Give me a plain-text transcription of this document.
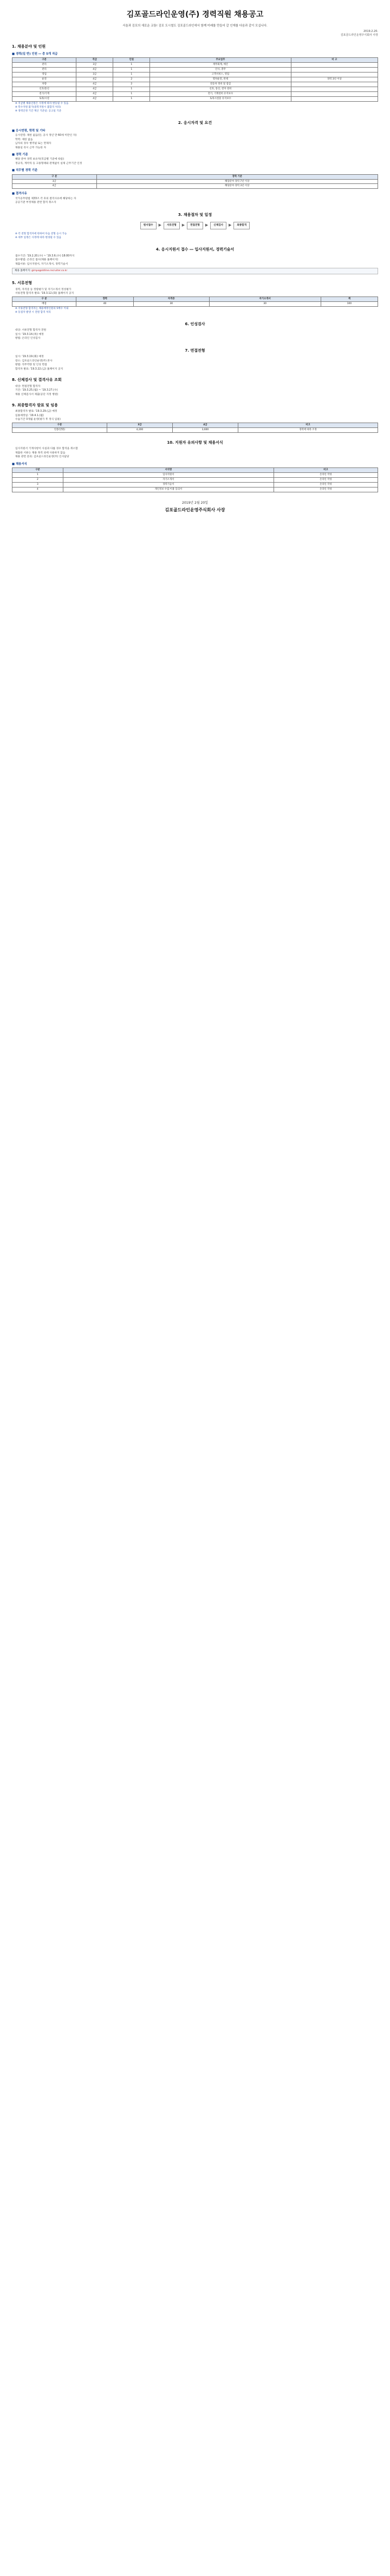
김포골드라인운영(주) 경력직원 채용공고
서울과 김포의 새로운 교통! 김포 도시철도 김포골드라인에서 함께 미래를 만들어 갈 인재를 다음과 같이 모십니다.
2019.2.20.
김포골드라인운영주식회사 사장
1. 채용분야 및 인원
■ 경력(일 반) 인원 ― 총 5개 직급
구분	직급	인원	주요업무	비 고
관리	3급	1	재무회계, 예산	
관리	4급	1	인사, 총무	
영업	3급	1	고객서비스, 영업	
운전	4급	2	열차운전, 관제	경력 3년 이상
차량	4급	2	전동차 정비 및 점검	
신호/통신	4급	1	신호, 통신, 전자 설비	
전기/기계	4급	1	전기, 기계설비 유지보수	
토목/시설	4급	1	토목시설물 유지보수	
※ 직급별 채용인원은 사정에 따라 변동될 수 있음
※ 복수지원 불가(중복지원시 불합격 처리)
※ 경력인정 기간 계산 기준일: 공고일 기준
2. 응시자격 및 요건
■ 응시연령, 학력 및 기타
응시연령: 제한 없음(단, 공사 정년 만 60세 미만인 자)
학력: 제한 없음
남자의 경우 병역필 또는 면제자
채용일 즉시 근무 가능한 자
■ 경력 기준
해당 분야 경력 보유자(직급별 기준에 따름)
정규직, 계약직 등 고용형태와 관계없이 실제 근무기간 인정
■ 직무별 경력 기준
구 분	경력 기준
3급	해당분야 경력 7년 이상
4급	해당분야 경력 3년 이상
■ 결격사유
국가공무원법 제33조 각 호의 결격사유에 해당하는 자
공공기관 부정채용 관련 합격 취소자
3. 채용절차 및 일정
원서접수	▶	서류전형	▶	면접전형	▶	신체검사	▶	최종합격
※ 각 전형 합격자에 한하여 다음 전형 응시 가능
※ 세부 일정은 사정에 따라 변경될 수 있음
4. 응시지원서 접수 ― 입사지원서, 경력기술서
접수기간: '19.2.20.(수) ~ '19.3.6.(수) 18:00까지
접수방법: 온라인 접수(채용 홈페이지)
제출서류: 입사지원서, 자기소개서, 경력기술서
채용 홈페이지: gimpogoldline.recruiter.co.kr
5. 서류전형
경력, 자격증 등 정량평가 및 자기소개서 정성평가
서류전형 합격자 발표: '19.3.12.(화) 홈페이지 공지
구 분	경력	자격증	자기소개서	계
배점	40	30	30	100
※ 서류전형 합격자는 채용예정인원의 5배수 이내
※ 동점자 발생 시 전원 합격 처리
6. 인성검사
대상: 서류전형 합격자 전원
일시: '19.3.14.(목) 예정
방법: 온라인 인성검사
7. 면접전형
일시: '19.3.19.(화) 예정
장소: 김포골드라인운영(주) 본사
방법: 직무역량 및 인성 면접
합격자 발표: '19.3.22.(금) 홈페이지 공지
8. 신체검사 및 결격사유 조회
대상: 면접전형 합격자
기간: '19.3.25.(월) ~ '19.3.27.(수)
채용 신체검사서 제출(공단 지정 병원)
9. 최종합격자 발표 및 임용
최종합격자 발표: '19.3.29.(금) 예정
임용예정일: '19.4.1.(월)
수습기간 3개월 운영(평가 후 정식 임용)
구분	3급	4급	비고
연봉(만원)	4,200	3,600	경력에 따라 조정
10. 지원자 유의사항 및 채용서식
입사지원서 기재사항이 사실과 다를 경우 합격을 취소함
제출한 서류는 채용 목적 외에 사용하지 않음
채용 관련 문의: 김포골드라인운영(주) 인사담당
■ 채용서식
구분	서식명	비고
1	입사지원서	온라인 작성
2	자기소개서	온라인 작성
3	경력기술서	온라인 작성
4	개인정보 수집·이용 동의서	온라인 작성
2019년 2월 20일
김포골드라인운영주식회사 사장
